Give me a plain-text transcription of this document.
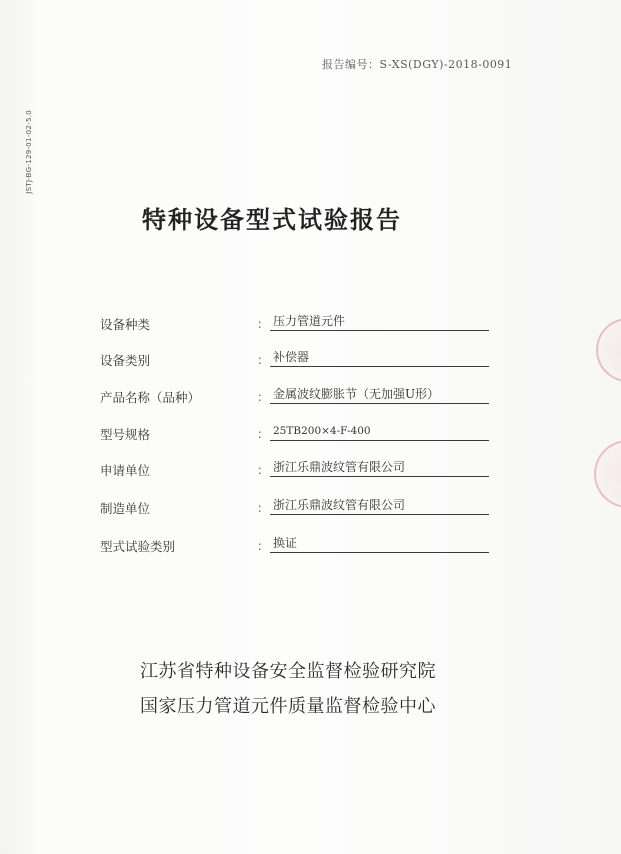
报告编号：S-XS(DGY)-2018-0091
JSTJ-BG-129-01-02-5.0
特种设备型式试验报告
设备种类	： 压力管道元件
设备类别	： 补偿器
产品名称（品种）	： 金属波纹膨胀节（无加强U形）
型号规格	： 25TB200×4-F-400
申请单位	： 浙江乐鼎波纹管有限公司
制造单位	： 浙江乐鼎波纹管有限公司
型式试验类别	： 换证
江苏省特种设备安全监督检验研究院
国家压力管道元件质量监督检验中心
